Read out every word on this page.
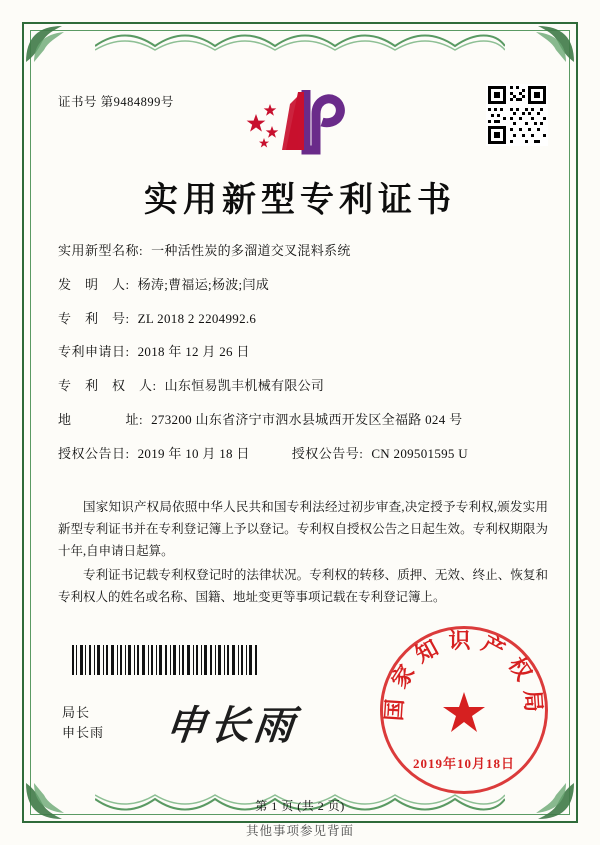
证书号 第9484899号
实用新型专利证书
实用新型名称: 一种活性炭的多溜道交叉混料系统
发　明　人: 杨涛;曹福运;杨波;闫成
专　利　号: ZL 2018 2 2204992.6
专利申请日: 2018 年 12 月 26 日
专　利　权　人: 山东恒易凯丰机械有限公司
地　　　　址: 273200 山东省济宁市泗水县城西开发区全福路 024 号
授权公告日: 2019 年 10 月 18 日	授权公告号: CN 209501595 U

国家知识产权局依照中华人民共和国专利法经过初步审查,决定授予专利权,颁发实用新型专利证书并在专利登记簿上予以登记。专利权自授权公告之日起生效。专利权期限为十年,自申请日起算。

专利证书记载专利权登记时的法律状况。专利权的转移、质押、无效、终止、恢复和专利权人的姓名或名称、国籍、地址变更等事项记载在专利登记簿上。

局长
申长雨 申长雨	国家知识产权局
2019年10月18日
第 1 页 (共 2 页)
其他事项参见背面
